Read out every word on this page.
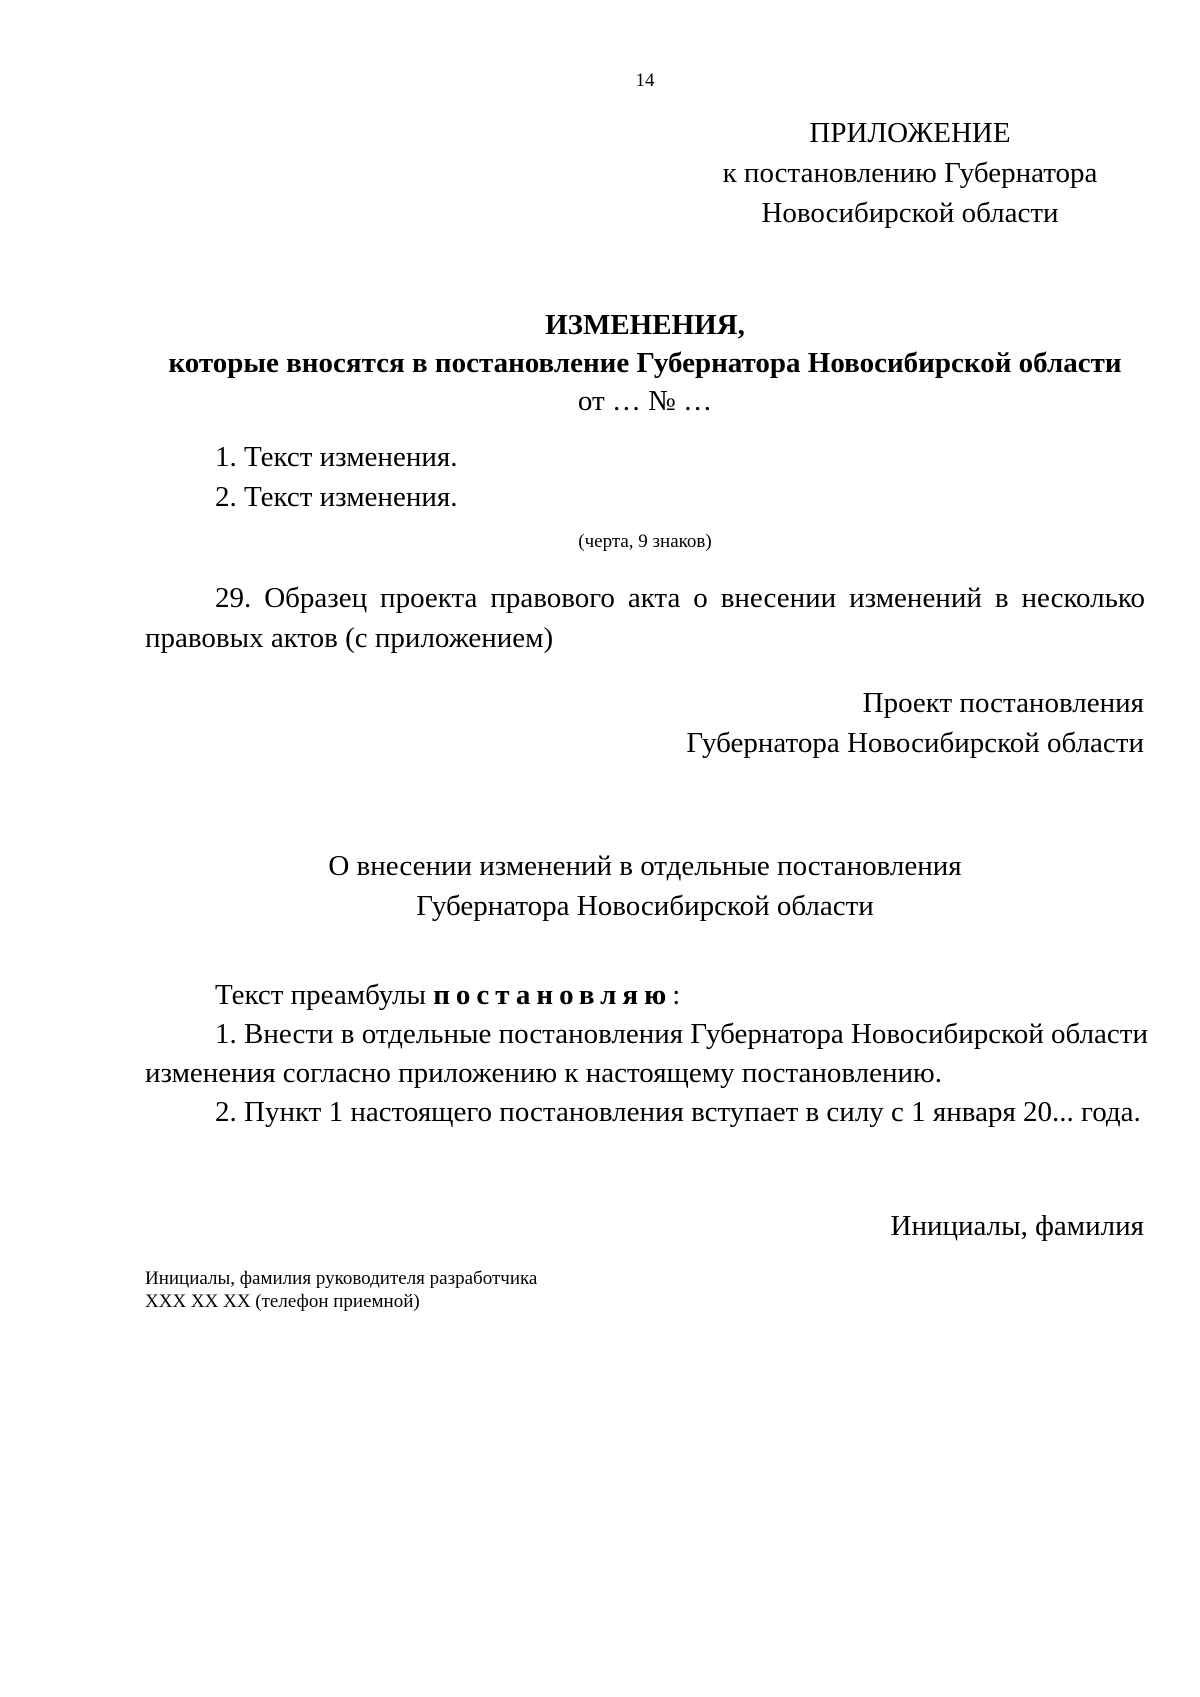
14
ПРИЛОЖЕНИЕ
к постановлению Губернатора
Новосибирской области
ИЗМЕНЕНИЯ,
которые вносятся в постановление Губернатора Новосибирской области
от … № …
1. Текст изменения.
2. Текст изменения.
(черта, 9 знаков)
29. Образец проекта правового акта о внесении изменений в несколько
правовых актов (с приложением)
Проект постановления
Губернатора Новосибирской области
О внесении изменений в отдельные постановления
Губернатора Новосибирской области
Текст преамбулы постановляю:
1. Внести в отдельные постановления Губернатора Новосибирской области
изменения согласно приложению к настоящему постановлению.
2. Пункт 1 настоящего постановления вступает в силу с 1 января 20... года.
Инициалы, фамилия
Инициалы, фамилия руководителя разработчика
ХХХ ХХ ХХ (телефон приемной)
